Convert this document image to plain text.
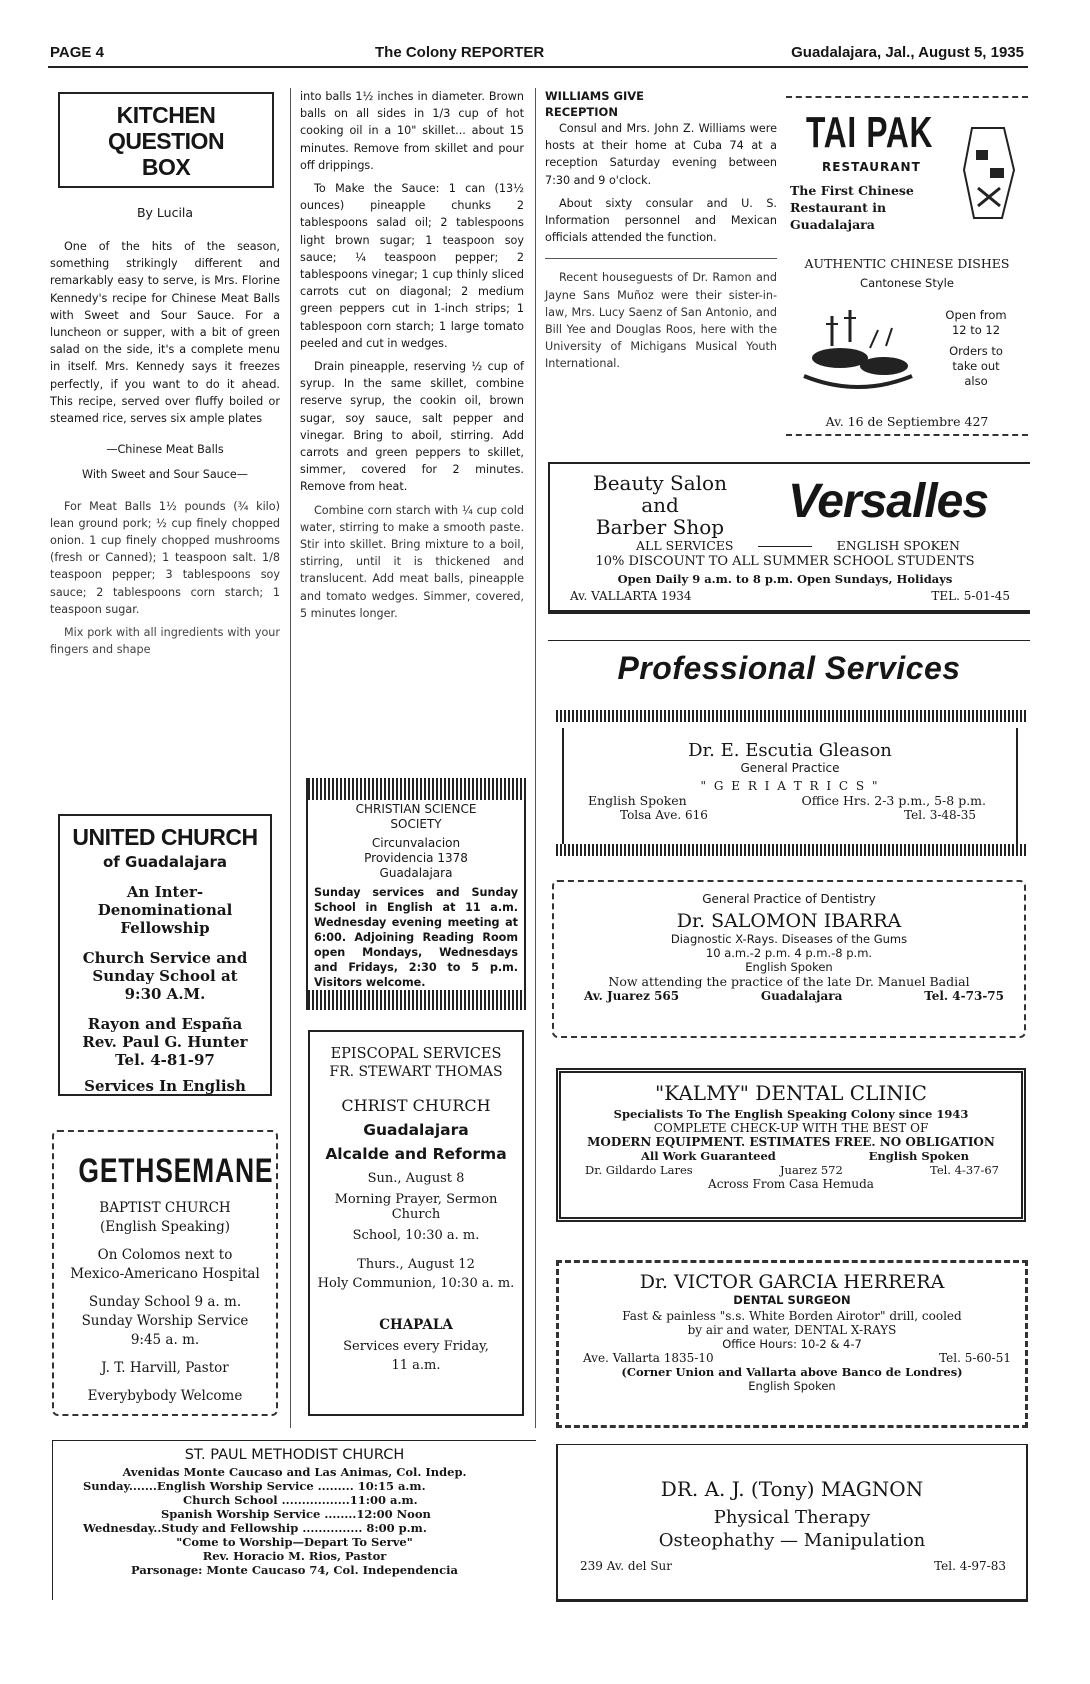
PAGE 4	The Colony REPORTER	Guadalajara, Jal., August 5, 1935
KITCHEN
QUESTION
BOX
By Lucila

One of the hits of the season, something strikingly different and remarkably easy to serve, is Mrs. Florine Kennedy's recipe for Chinese Meat Balls with Sweet and Sour Sauce. For a luncheon or supper, with a bit of green salad on the side, it's a complete menu in itself. Mrs. Kennedy says it freezes perfectly, if you want to do it ahead. This recipe, served over fluffy boiled or steamed rice, serves six ample plates

—Chinese Meat Balls
With Sweet and Sour Sauce—

For Meat Balls 1½ pounds (¾ kilo) lean ground pork; ½ cup finely chopped onion. 1 cup finely chopped mushrooms (fresh or Canned); 1 teaspoon salt. 1/8 teaspoon pepper; 3 tablespoons soy sauce; 2 tablespoons corn starch; 1 teaspoon sugar.

Mix pork with all ingredients with your fingers and shape

into balls 1½ inches in diameter. Brown balls on all sides in 1/3 cup of hot cooking oil in a 10" skillet... about 15 minutes. Remove from skillet and pour off drippings.

To Make the Sauce: 1 can (13½ ounces) pineapple chunks 2 tablespoons salad oil; 2 tablespoons light brown sugar; 1 teaspoon soy sauce; ¼ teaspoon pepper; 2 tablespoons vinegar; 1 cup thinly sliced carrots cut on diagonal; 2 medium green peppers cut in 1-inch strips; 1 tablespoon corn starch; 1 large tomato peeled and cut in wedges.

Drain pineapple, reserving ½ cup of syrup. In the same skillet, combine reserve syrup, the cookin oil, brown sugar, soy sauce, salt pepper and vinegar. Bring to aboil, stirring. Add carrots and green peppers to skillet, simmer, covered for 2 minutes. Remove from heat.

Combine corn starch with ¼ cup cold water, stirring to make a smooth paste. Stir into skillet. Bring mixture to a boil, stirring, until it is thickened and translucent. Add meat balls, pineapple and tomato wedges. Simmer, covered, 5 minutes longer.

UNITED CHURCH
of Guadalajara
An Inter-Denominational
Fellowship
Church Service and
Sunday School at
9:30 A.M.
Rayon and España
Rev. Paul G. Hunter
Tel. 4-81-97
Services In English
GETHSEMANE
BAPTIST CHURCH
(English Speaking)
On Colomos next to
Mexico-Americano Hospital
Sunday School 9 a. m.
Sunday Worship Service
9:45 a. m.
J. T. Harvill, Pastor
Everybybody Welcome
CHRISTIAN SCIENCE
SOCIETY
Circunvalacion
Providencia 1378
Guadalajara
Sunday services and Sunday School in English at 11 a.m. Wednesday evening meeting at 6:00. Adjoining Reading Room open Mondays, Wednesdays and Fridays, 2:30 to 5 p.m. Visitors welcome.
EPISCOPAL SERVICES
FR. STEWART THOMAS
CHRIST CHURCH
Guadalajara
Alcalde and Reforma
Sun., August 8
Morning Prayer, Sermon
Church
School, 10:30 a. m.
Thurs., August 12
Holy Communion, 10:30 a. m.
CHAPALA
Services every Friday,
11 a.m.
WILLIAMS GIVE
RECEPTION

Consul and Mrs. John Z. Williams were hosts at their home at Cuba 74 at a reception Saturday evening between 7:30 and 9 o'clock.

About sixty consular and U. S. Information personnel and Mexican officials attended the function.

Recent houseguests of Dr. Ramon and Jayne Sans Muñoz were their sister-in-law, Mrs. Lucy Saenz of San Antonio, and Bill Yee and Douglas Roos, here with the University of Michigans Musical Youth International.

TAI PAK
RESTAURANT
The First Chinese
Restaurant in
Guadalajara
AUTHENTIC CHINESE DISHES
Cantonese Style
Open from
12 to 12
Orders to
take out
also
Av. 16 de Septiembre 427
Beauty Salon
and
Barber Shop	Versalles
ALL SERVICES	ENGLISH SPOKEN
10% DISCOUNT TO ALL SUMMER SCHOOL STUDENTS
Open Daily 9 a.m. to 8 p.m. Open Sundays, Holidays
Av. VALLARTA 1934	TEL. 5-01-45
Professional Services
Dr. E. Escutia Gleason
General Practice
" G E R I A T R I C S "
English Spoken	Office Hrs. 2-3 p.m., 5-8 p.m.
Tolsa Ave. 616	Tel. 3-48-35
General Practice of Dentistry
Dr. SALOMON IBARRA
Diagnostic X-Rays. Diseases of the Gums
10 a.m.-2 p.m. 4 p.m.-8 p.m.
English Spoken
Now attending the practice of the late Dr. Manuel Badial
Av. Juarez 565	Guadalajara	Tel. 4-73-75
"KALMY" DENTAL CLINIC
Specialists To The English Speaking Colony since 1943
COMPLETE CHECK-UP WITH THE BEST OF
MODERN EQUIPMENT. ESTIMATES FREE. NO OBLIGATION
All Work Guaranteed	English Spoken
Dr. Gildardo Lares	Juarez 572	Tel. 4-37-67
Across From Casa Hemuda
Dr. VICTOR GARCIA HERRERA
DENTAL SURGEON
Fast & painless "s.s. White Borden Airotor" drill, cooled
by air and water, DENTAL X-RAYS
Office Hours: 10-2 & 4-7
Ave. Vallarta 1835-10	Tel. 5-60-51
(Corner Union and Vallarta above Banco de Londres)
English Spoken
ST. PAUL METHODIST CHURCH
Avenidas Monte Caucaso and Las Animas, Col. Indep.
Sunday.......English Worship Service ......... 10:15 a.m.
Church School .................11:00 a.m.
Spanish Worship Service ........12:00 Noon
Wednesday..Study and Fellowship ............... 8:00 p.m.
"Come to Worship—Depart To Serve"
Rev. Horacio M. Rios, Pastor
Parsonage: Monte Caucaso 74, Col. Independencia
DR. A. J. (Tony) MAGNON
Physical Therapy
Osteophathy — Manipulation
239 Av. del Sur	Tel. 4-97-83
